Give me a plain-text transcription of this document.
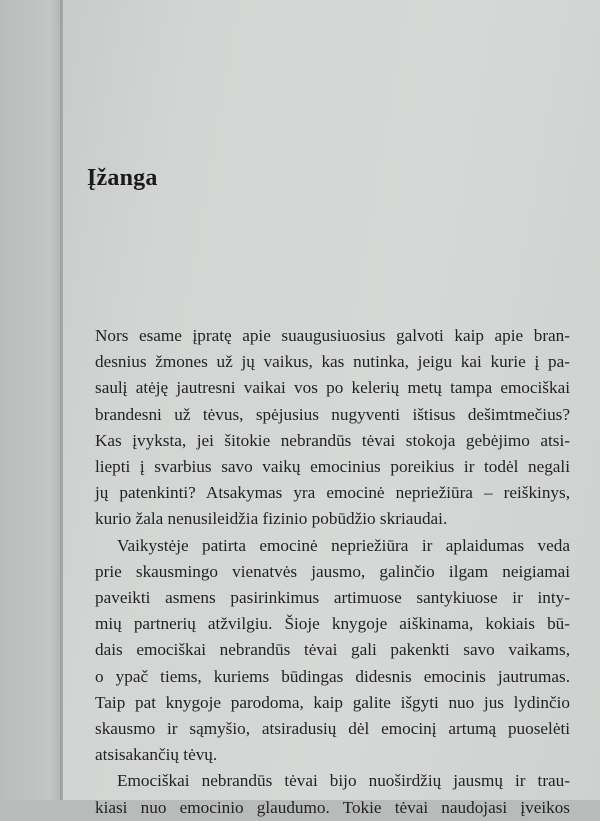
Įžanga
Nors esame įpratę apie suaugusiuosius galvoti kaip apie bran-
desnius žmones už jų vaikus, kas nutinka, jeigu kai kurie į pa-
saulį atėję jautresni vaikai vos po kelerių metų tampa emociškai
brandesni už tėvus, spėjusius nugyventi ištisus dešimtmečius?
Kas įvyksta, jei šitokie nebrandūs tėvai stokoja gebėjimo atsi-
liepti į svarbius savo vaikų emocinius poreikius ir todėl negali
jų patenkinti? Atsakymas yra emocinė nepriežiūra – reiškinys,
kurio žala nenusileidžia fizinio pobūdžio skriaudai.
Vaikystėje patirta emocinė nepriežiūra ir aplaidumas veda
prie skausmingo vienatvės jausmo, galinčio ilgam neigiamai
paveikti asmens pasirinkimus artimuose santykiuose ir inty-
mių partnerių atžvilgiu. Šioje knygoje aiškinama, kokiais bū-
dais emociškai nebrandūs tėvai gali pakenkti savo vaikams,
o ypač tiems, kuriems būdingas didesnis emocinis jautrumas.
Taip pat knygoje parodoma, kaip galite išgyti nuo jus lydinčio
skausmo ir sąmyšio, atsiradusių dėl emocinį artumą puoselėti
atsisakančių tėvų.
Emociškai nebrandūs tėvai bijo nuoširdžių jausmų ir trau-
kiasi nuo emocinio glaudumo. Tokie tėvai naudojasi įveikos
